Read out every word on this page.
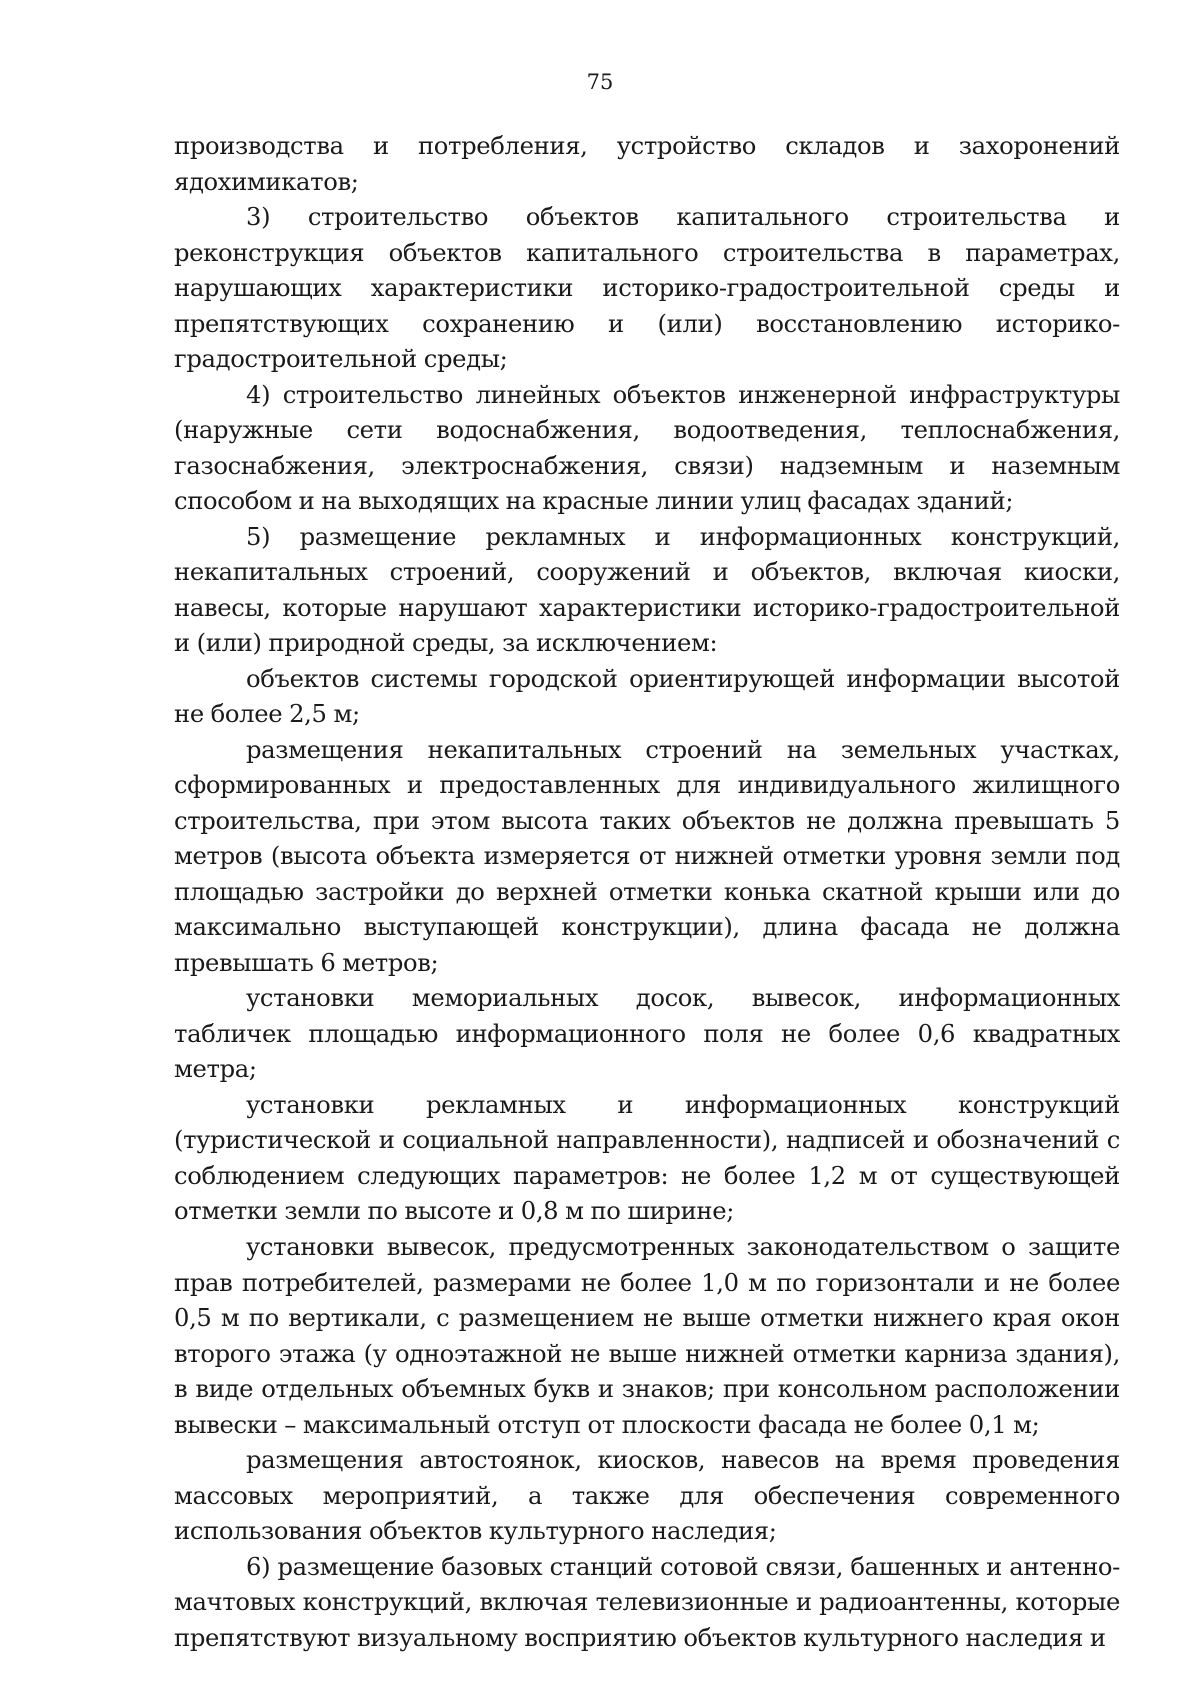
75

производства и потребления, устройство складов и захоронений ядохимикатов;

3) строительство объектов капитального строительства и реконструкция объектов капитального строительства в параметрах, нарушающих характеристики историко-градостроительной среды и препятствующих сохранению и (или) восстановлению историко-градостроительной среды;

4) строительство линейных объектов инженерной инфраструктуры (наружные сети водоснабжения, водоотведения, теплоснабжения, газоснабжения, электроснабжения, связи) надземным и наземным способом и на выходящих на красные линии улиц фасадах зданий;

5) размещение рекламных и информационных конструкций, некапитальных строений, сооружений и объектов, включая киоски, навесы, которые нарушают характеристики историко-градостроительной и (или) природной среды, за исключением:

объектов системы городской ориентирующей информации высотой не более 2,5 м;

размещения некапитальных строений на земельных участках, сформированных и предоставленных для индивидуального жилищного строительства, при этом высота таких объектов не должна превышать 5 метров (высота объекта измеряется от нижней отметки уровня земли под площадью застройки до верхней отметки конька скатной крыши или до максимально выступающей конструкции), длина фасада не должна превышать 6 метров;

установки мемориальных досок, вывесок, информационных табличек площадью информационного поля не более 0,6 квадратных метра;

установки рекламных и информационных конструкций (туристической и социальной направленности), надписей и обозначений с соблюдением следующих параметров: не более 1,2 м от существующей отметки земли по высоте и 0,8 м по ширине;

установки вывесок, предусмотренных законодательством о защите прав потребителей, размерами не более 1,0 м по горизонтали и не более 0,5 м по вертикали, с размещением не выше отметки нижнего края окон второго этажа (у одноэтажной не выше нижней отметки карниза здания), в виде отдельных объемных букв и знаков; при консольном расположении вывески – максимальный отступ от плоскости фасада не более 0,1 м;

размещения автостоянок, киосков, навесов на время проведения массовых мероприятий, а также для обеспечения современного использования объектов культурного наследия;

6) размещение базовых станций сотовой связи, башенных и антенно-мачтовых конструкций, включая телевизионные и радиоантенны, которые препятствуют визуальному восприятию объектов культурного наследия и
